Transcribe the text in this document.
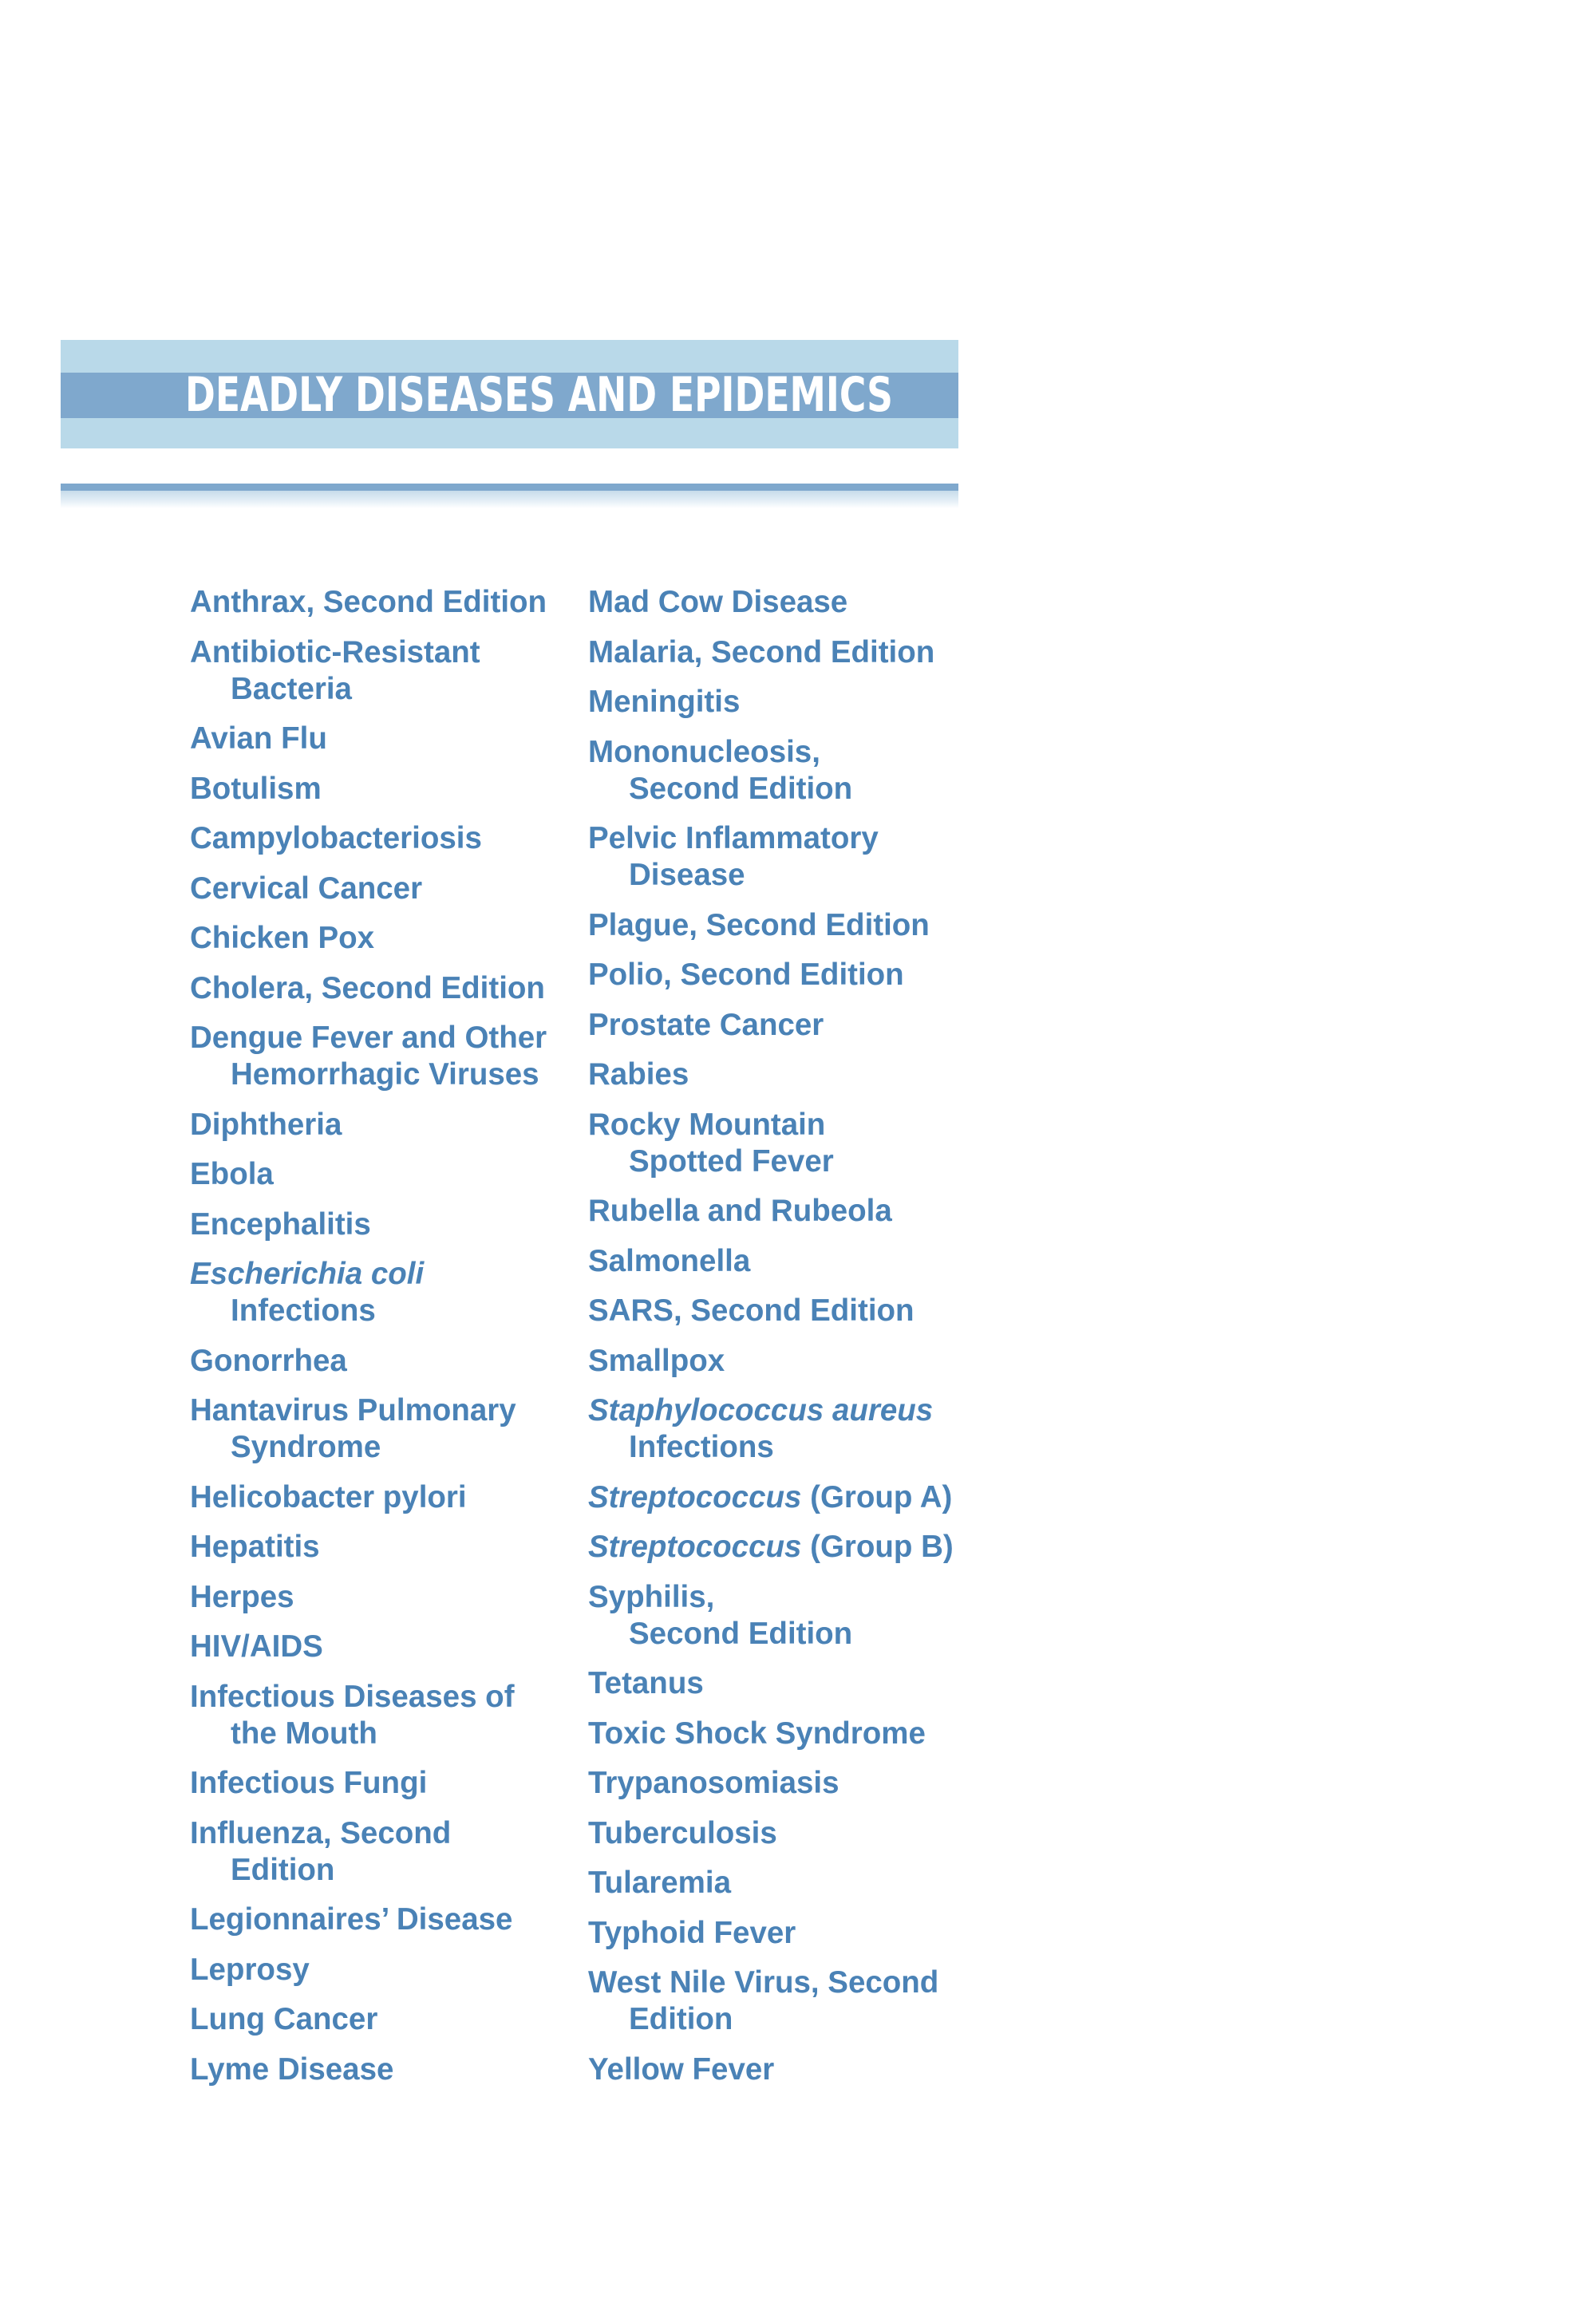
DEADLY DISEASES AND EPIDEMICS
Anthrax, Second Edition
Antibiotic-Resistant
Bacteria
Avian Flu
Botulism
Campylobacteriosis
Cervical Cancer
Chicken Pox
Cholera, Second Edition
Dengue Fever and Other
Hemorrhagic Viruses
Diphtheria
Ebola
Encephalitis
Escherichia coli
Infections
Gonorrhea
Hantavirus Pulmonary
Syndrome
Helicobacter pylori
Hepatitis
Herpes
HIV/AIDS
Infectious Diseases of
the Mouth
Infectious Fungi
Influenza, Second
Edition
Legionnaires’ Disease
Leprosy
Lung Cancer
Lyme Disease
Mad Cow Disease
Malaria, Second Edition
Meningitis
Mononucleosis,
Second Edition
Pelvic Inflammatory
Disease
Plague, Second Edition
Polio, Second Edition
Prostate Cancer
Rabies
Rocky Mountain
Spotted Fever
Rubella and Rubeola
Salmonella
SARS, Second Edition
Smallpox
Staphylococcus aureus
Infections
Streptococcus (Group A)
Streptococcus (Group B)
Syphilis,
Second Edition
Tetanus
Toxic Shock Syndrome
Trypanosomiasis
Tuberculosis
Tularemia
Typhoid Fever
West Nile Virus, Second
Edition
Yellow Fever
